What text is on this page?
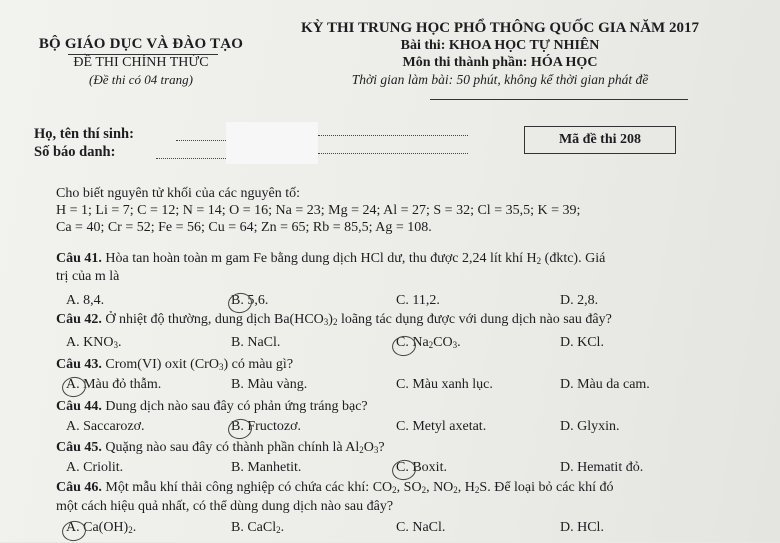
BỘ GIÁO DỤC VÀ ĐÀO TẠO
ĐỀ THI CHÍNH THỨC
(Đề thi có 04 trang)
KỲ THI TRUNG HỌC PHỔ THÔNG QUỐC GIA NĂM 2017
Bài thi: KHOA HỌC TỰ NHIÊN
Môn thi thành phần: HÓA HỌC
Thời gian làm bài: 50 phút, không kể thời gian phát đề
Họ, tên thí sinh:
Số báo danh:
Mã đề thi 208
Cho biết nguyên tử khối của các nguyên tố:
H = 1; Li = 7; C = 12; N = 14; O = 16; Na = 23; Mg = 24; Al = 27; S = 32; Cl = 35,5; K = 39;
Ca = 40; Cr = 52; Fe = 56; Cu = 64; Zn = 65; Rb = 85,5; Ag = 108.
Câu 41. Hòa tan hoàn toàn m gam Fe bằng dung dịch HCl dư, thu được 2,24 lít khí $H_2$ (đktc). Giá
trị của m là
A. 8,4.	B. 5,6.	C. 11,2.	D. 2,8.
Câu 42. Ở nhiệt độ thường, dung dịch $Ba(HCO_3)_2$ loãng tác dụng được với dung dịch nào sau đây?
A. $KNO_3$.	B. NaCl.	C. $Na_2CO_3$.	D. KCl.
Câu 43. Crom(VI) oxit (CrO$_3$) có màu gì?
A. Màu đỏ thẫm.	B. Màu vàng.	C. Màu xanh lục.	D. Màu da cam.
Câu 44. Dung dịch nào sau đây có phản ứng tráng bạc?
A. Saccarozơ.	B. Fructozơ.	C. Metyl axetat.	D. Glyxin.
Câu 45. Quặng nào sau đây có thành phần chính là $Al_2O_3$?
A. Criolit.	B. Manhetit.	C. Boxit.	D. Hematit đỏ.
Câu 46. Một mẫu khí thải công nghiệp có chứa các khí: $CO_2$, $SO_2$, $NO_2$, $H_2S$. Để loại bỏ các khí đó
một cách hiệu quả nhất, có thể dùng dung dịch nào sau đây?
A. $Ca(OH)_2$.	B. CaCl$_2$.	C. NaCl.	D. HCl.
